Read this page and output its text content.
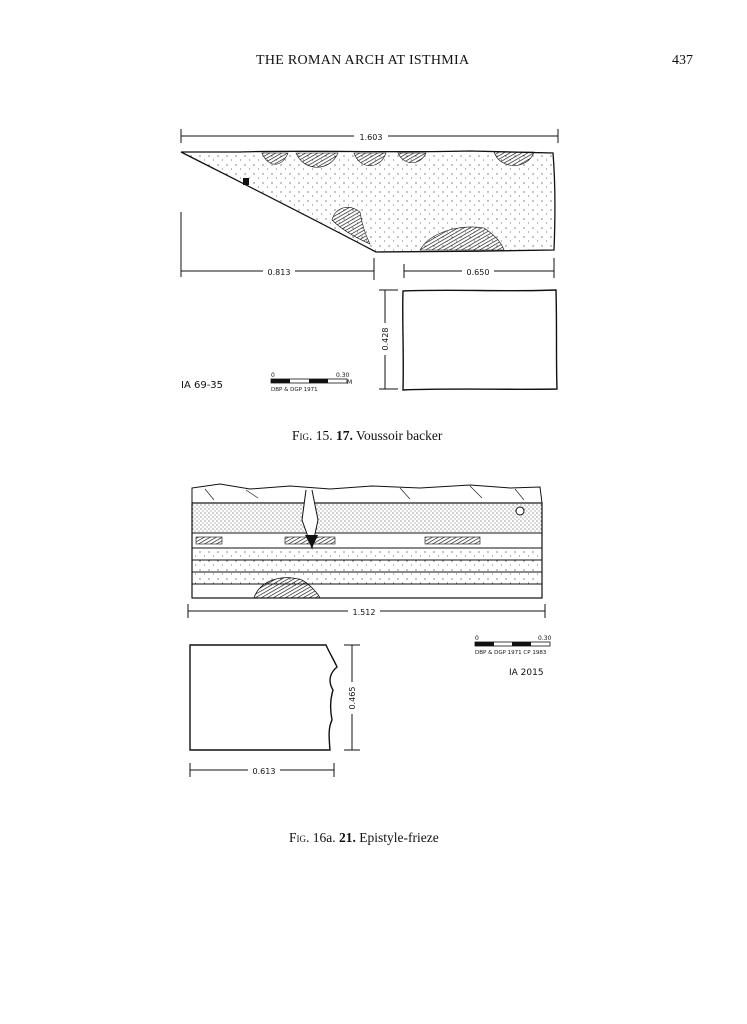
THE ROMAN ARCH AT ISTHMIA	437
1.603
0.813	0.650
0.428
0	0.30
M
DBP & DGP 1971
IA 69-35
1.512
0.465
0.613
0	0.30
DBP & DGP 1971 CP 1983
IA 2015
Fig. 15. 17. Voussoir backer
Fig. 16a. 21. Epistyle-frieze
